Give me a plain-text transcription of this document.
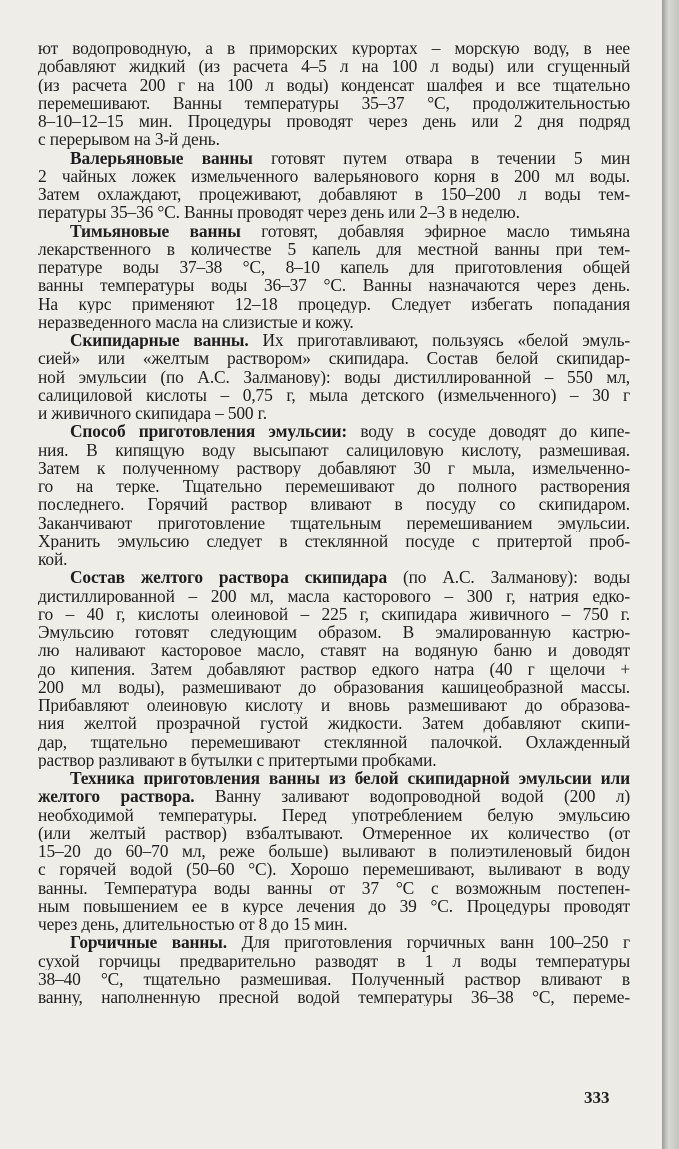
ют водопроводную, а в приморских курортах – морскую воду, в нее
добавляют жидкий (из расчета 4–5 л на 100 л воды) или сгущенный
(из расчета 200 г на 100 л воды) конденсат шалфея и все тщательно
перемешивают. Ванны температуры 35–37 °C, продолжительностью
8–10–12–15 мин. Процедуры проводят через день или 2 дня подряд
с перерывом на 3-й день.
Валерьяновые ванны готовят путем отвара в течении 5 мин
2 чайных ложек измельченного валерьянового корня в 200 мл воды.
Затем охлаждают, процеживают, добавляют в 150–200 л воды тем-
пературы 35–36 °C. Ванны проводят через день или 2–3 в неделю.
Тимьяновые ванны готовят, добавляя эфирное масло тимьяна
лекарственного в количестве 5 капель для местной ванны при тем-
пературе воды 37–38 °C, 8–10 капель для приготовления общей
ванны температуры воды 36–37 °C. Ванны назначаются через день.
На курс применяют 12–18 процедур. Следует избегать попадания
неразведенного масла на слизистые и кожу.
Скипидарные ванны. Их приготавливают, пользуясь «белой эмуль-
сией» или «желтым раствором» скипидара. Состав белой скипидар-
ной эмульсии (по А.С. Залманову): воды дистиллированной – 550 мл,
салициловой кислоты – 0,75 г, мыла детского (измельченного) – 30 г
и живичного скипидара – 500 г.
Способ приготовления эмульсии: воду в сосуде доводят до кипе-
ния. В кипящую воду высыпают салициловую кислоту, размешивая.
Затем к полученному раствору добавляют 30 г мыла, измельченно-
го на терке. Тщательно перемешивают до полного растворения
последнего. Горячий раствор вливают в посуду со скипидаром.
Заканчивают приготовление тщательным перемешиванием эмульсии.
Хранить эмульсию следует в стеклянной посуде с притертой проб-
кой.
Состав желтого раствора скипидара (по А.С. Залманову): воды
дистиллированной – 200 мл, масла касторового – 300 г, натрия едко-
го – 40 г, кислоты олеиновой – 225 г, скипидара живичного – 750 г.
Эмульсию готовят следующим образом. В эмалированную кастрю-
лю наливают касторовое масло, ставят на водяную баню и доводят
до кипения. Затем добавляют раствор едкого натра (40 г щелочи +
200 мл воды), размешивают до образования кашицеобразной массы.
Прибавляют олеиновую кислоту и вновь размешивают до образова-
ния желтой прозрачной густой жидкости. Затем добавляют скипи-
дар, тщательно перемешивают стеклянной палочкой. Охлажденный
раствор разливают в бутылки с притертыми пробками.
Техника приготовления ванны из белой скипидарной эмульсии или
желтого раствора. Ванну заливают водопроводной водой (200 л)
необходимой температуры. Перед употреблением белую эмульсию
(или желтый раствор) взбалтывают. Отмеренное их количество (от
15–20 до 60–70 мл, реже больше) выливают в полиэтиленовый бидон
с горячей водой (50–60 °C). Хорошо перемешивают, выливают в воду
ванны. Температура воды ванны от 37 °C с возможным постепен-
ным повышением ее в курсе лечения до 39 °C. Процедуры проводят
через день, длительностью от 8 до 15 мин.
Горчичные ванны. Для приготовления горчичных ванн 100–250 г
сухой горчицы предварительно разводят в 1 л воды температуры
38–40 °C, тщательно размешивая. Полученный раствор вливают в
ванну, наполненную пресной водой температуры 36–38 °C, переме-
333
